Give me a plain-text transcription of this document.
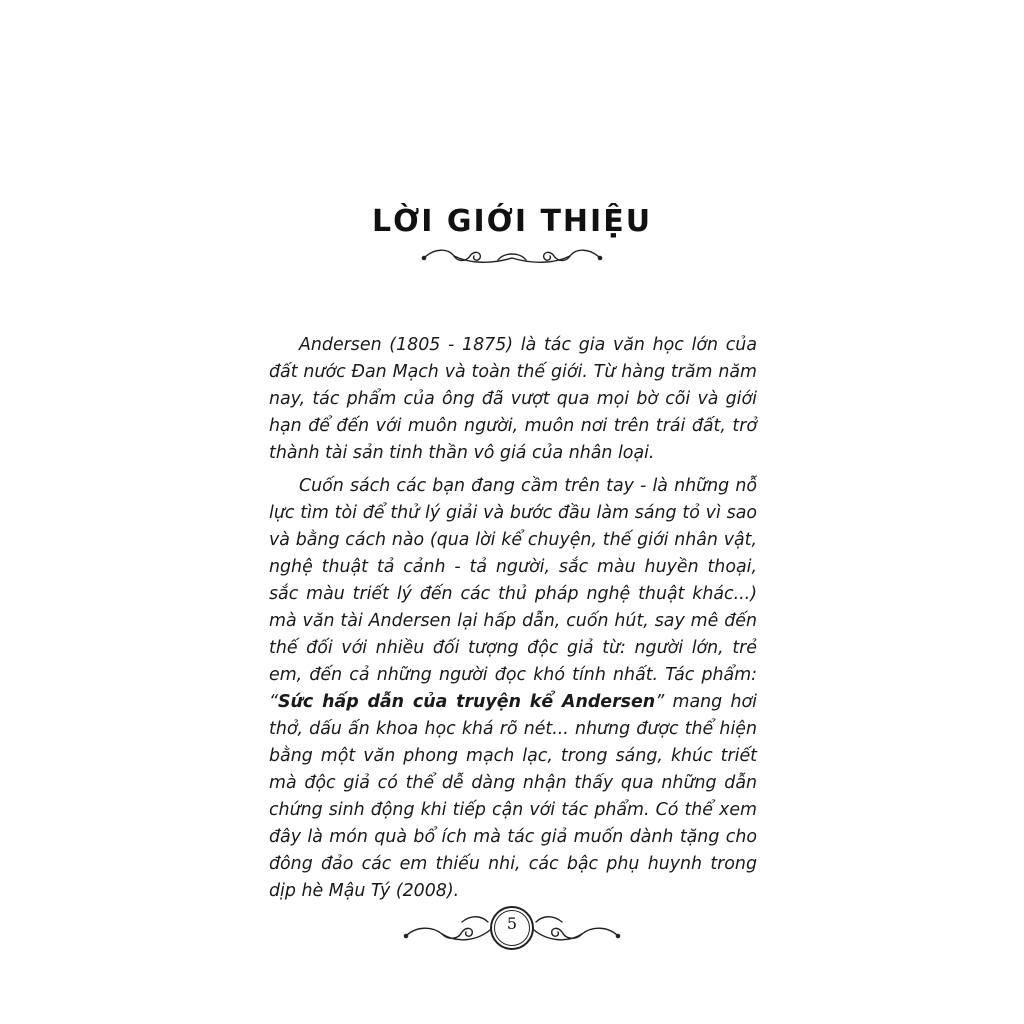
LỜI GIỚI THIỆU

Andersen (1805 - 1875) là tác gia văn học lớn của đất nước Đan Mạch và toàn thế giới. Từ hàng trăm năm nay, tác phẩm của ông đã vượt qua mọi bờ cõi và giới hạn để đến với muôn người, muôn nơi trên trái đất, trở thành tài sản tinh thần vô giá của nhân loại.

Cuốn sách các bạn đang cầm trên tay - là những nỗ lực tìm tòi để thử lý giải và bước đầu làm sáng tỏ vì sao và bằng cách nào (qua lời kể chuyện, thế giới nhân vật, nghệ thuật tả cảnh - tả người, sắc màu huyền thoại, sắc màu triết lý đến các thủ pháp nghệ thuật khác...) mà văn tài Andersen lại hấp dẫn, cuốn hút, say mê đến thế đối với nhiều đối tượng độc giả từ: người lớn, trẻ em, đến cả những người đọc khó tính nhất. Tác phẩm: “Sức hấp dẫn của truyện kể Andersen” mang hơi thở, dấu ấn khoa học khá rõ nét... nhưng được thể hiện bằng một văn phong mạch lạc, trong sáng, khúc triết mà độc giả có thể dễ dàng nhận thấy qua những dẫn chứng sinh động khi tiếp cận với tác phẩm. Có thể xem đây là món quà bổ ích mà tác giả muốn dành tặng cho đông đảo các em thiếu nhi, các bậc phụ huynh trong dịp hè Mậu Tý (2008).

5
